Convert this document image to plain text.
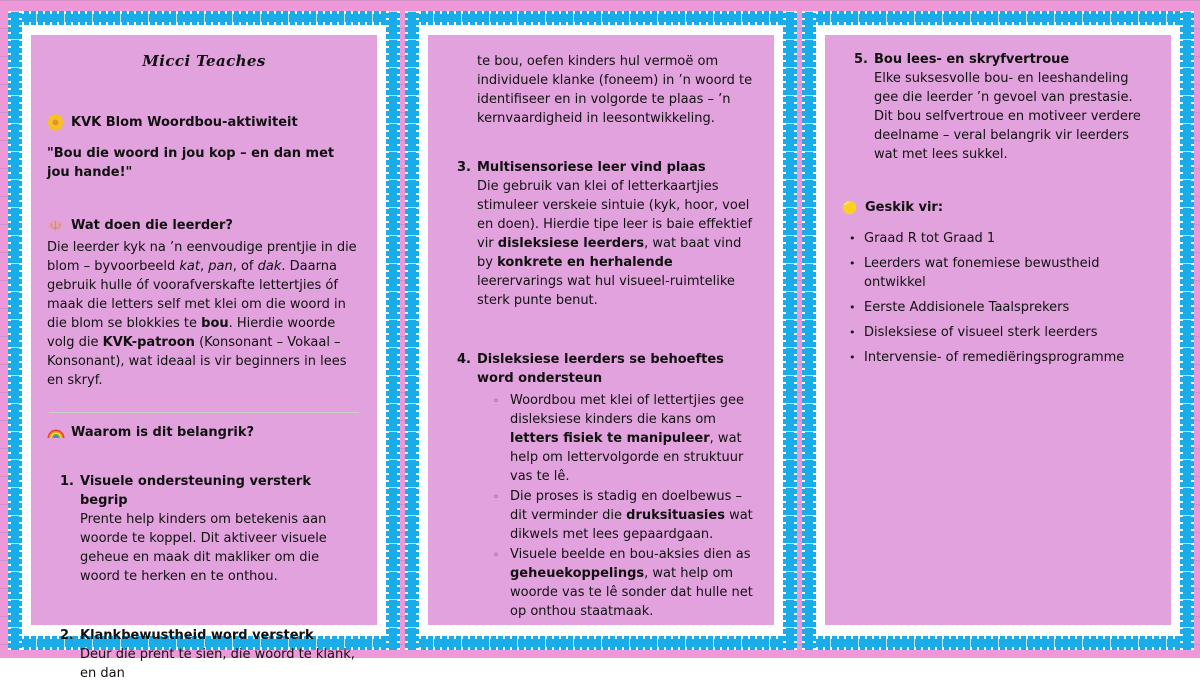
Micci Teaches
KVK Blom Woordbou-aktiwiteit
"Bou die woord in jou kop – en dan met jou hande!"
Wat doen die leerder?
Die leerder kyk na ’n eenvoudige prentjie in die blom – byvoorbeeld kat, pan, of dak. Daarna gebruik hulle óf voorafverskafte lettertjies óf maak die letters self met klei om die woord in die blom se blokkies te bou. Hierdie woorde volg die KVK-patroon (Konsonant – Vokaal – Konsonant), wat ideaal is vir beginners in lees en skryf.
Waarom is dit belangrik?
1. Visuele ondersteuning versterk begrip
Prente help kinders om betekenis aan woorde te koppel. Dit aktiveer visuele geheue en maak dit makliker om die woord te herken en te onthou.
2. Klankbewustheid word versterk
Deur die prent te sien, die woord te klank, en dan
te bou, oefen kinders hul vermoë om individuele klanke (foneem) in ’n woord te identifiseer en in volgorde te plaas – ’n kernvaardigheid in leesontwikkeling.
3. Multisensoriese leer vind plaas
Die gebruik van klei of letterkaartjies stimuleer verskeie sintuie (kyk, hoor, voel en doen). Hierdie tipe leer is baie effektief vir disleksiese leerders, wat baat vind by konkrete en herhalende leerervarings wat hul visueel-ruimtelike sterk punte benut.
4. Disleksiese leerders se behoeftes word ondersteun
◦ Woordbou met klei of lettertjies gee disleksiese kinders die kans om letters fisiek te manipuleer, wat help om lettervolgorde en struktuur vas te lê.
◦ Die proses is stadig en doelbewus – dit verminder die druksituasies wat dikwels met lees gepaardgaan.
◦ Visuele beelde en bou-aksies dien as geheuekoppelings, wat help om woorde vas te lê sonder dat hulle net op onthou staatmaak.
5. Bou lees- en skryfvertroue
Elke suksesvolle bou- en leeshandeling gee die leerder ’n gevoel van prestasie. Dit bou selfvertroue en motiveer verdere deelname – veral belangrik vir leerders wat met lees sukkel.
Geskik vir:
• Graad R tot Graad 1
• Leerders wat fonemiese bewustheid ontwikkel
• Eerste Addisionele Taalsprekers
• Disleksiese of visueel sterk leerders
• Intervensie- of remediëringsprogramme
